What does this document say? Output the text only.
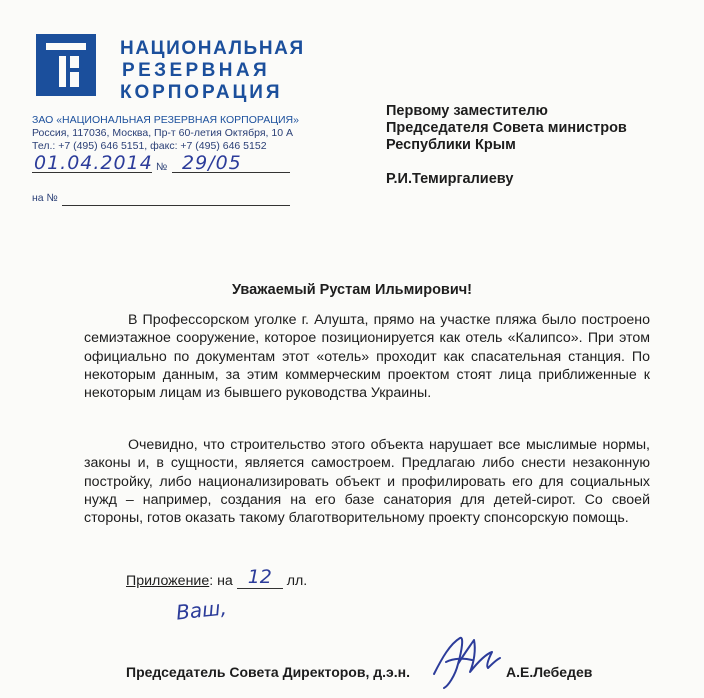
НАЦИОНАЛЬНАЯ
РЕЗЕРВНАЯ
КОРПОРАЦИЯ
ЗАО «НАЦИОНАЛЬНАЯ РЕЗЕРВНАЯ КОРПОРАЦИЯ»
Россия, 117036, Москва, Пр-т 60-летия Октября, 10 А
Тел.: +7 (495) 646 5151, факс: +7 (495) 646 5152
01.04.2014 № 29/05
на №
Первому заместителю
Председателя Совета министров
Республики Крым
Р.И.Темиргалиеву
Уважаемый Рустам Ильмирович!

В Профессорском уголке г. Алушта, прямо на участке пляжа было построено семиэтажное сооружение, которое позиционируется как отель «Калипсо». При этом официально по документам этот «отель» проходит как спасательная станция. По некоторым данным, за этим коммерческим проектом стоят лица приближенные к некоторым лицам из бывшего руководства Украины.

Очевидно, что строительство этого объекта нарушает все мыслимые нормы, законы и, в сущности, является самостроем. Предлагаю либо снести незаконную постройку, либо национализировать объект и профилировать его для социальных нужд – например, создания на его базе санатория для детей-сирот. Со своей стороны, готов оказать такому благотворительному проекту спонсорскую помощь.

Приложение: на 12 лл.
Ваш,
Председатель Совета Директоров, д.э.н.	А.Е.Лебедев
